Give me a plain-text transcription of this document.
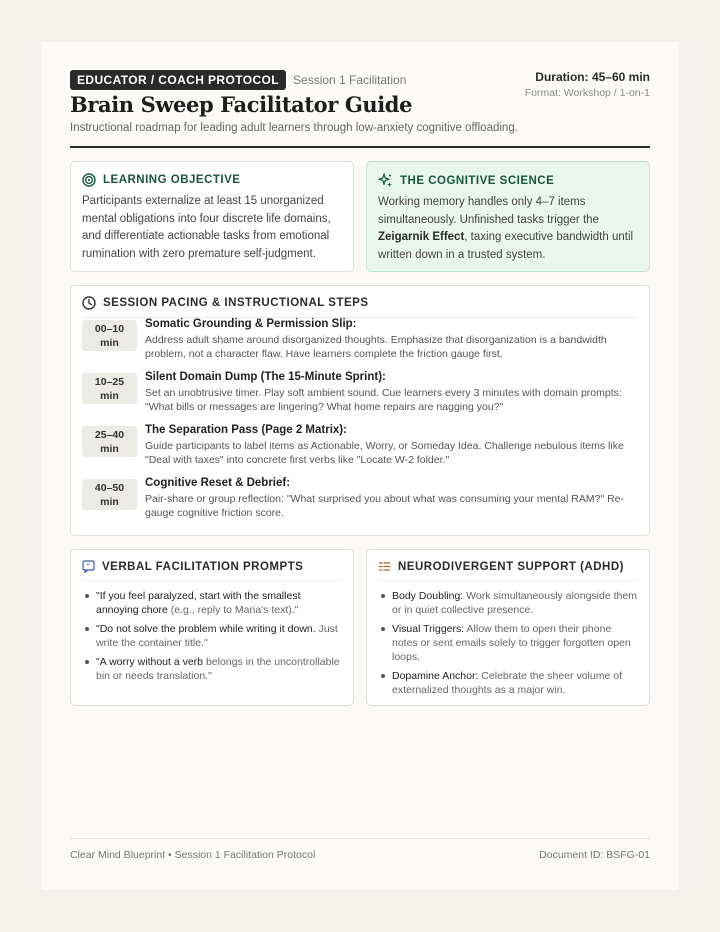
EDUCATOR / COACH PROTOCOL Session 1 Facilitation
Brain Sweep Facilitator Guide
Instructional roadmap for leading adult learners through low-anxiety cognitive offloading.
Duration: 45–60 min
Format: Workshop / 1-on-1
LEARNING OBJECTIVE
Participants externalize at least 15 unorganized mental obligations into four discrete life domains, and differentiate actionable tasks from emotional rumination with zero premature self-judgment.
THE COGNITIVE SCIENCE
Working memory handles only 4–7 items simultaneously. Unfinished tasks trigger the Zeigarnik Effect, taxing executive bandwidth until written down in a trusted system.
SESSION PACING & INSTRUCTIONAL STEPS
00–10
min
Somatic Grounding & Permission Slip:
Address adult shame around disorganized thoughts. Emphasize that disorganization is a bandwidth problem, not a character flaw. Have learners complete the friction gauge first.
10–25
min
Silent Domain Dump (The 15-Minute Sprint):
Set an unobtrusive timer. Play soft ambient sound. Cue learners every 3 minutes with domain prompts: "What bills or messages are lingering? What home repairs are nagging you?"
25–40
min
The Separation Pass (Page 2 Matrix):
Guide participants to label items as Actionable, Worry, or Someday Idea. Challenge nebulous items like "Deal with taxes" into concrete first verbs like "Locate W-2 folder."
40–50
min
Cognitive Reset & Debrief:
Pair-share or group reflection: "What surprised you about what was consuming your mental RAM?" Re-gauge cognitive friction score.
” VERBAL FACILITATION PROMPTS
"If you feel paralyzed, start with the smallest annoying chore (e.g., reply to Maria's text)."
"Do not solve the problem while writing it down. Just write the container title."
"A worry without a verb belongs in the uncontrollable bin or needs translation."
NEURODIVERGENT SUPPORT (ADHD)
Body Doubling: Work simultaneously alongside them or in quiet collective presence.
Visual Triggers: Allow them to open their phone notes or sent emails solely to trigger forgotten open loops.
Dopamine Anchor: Celebrate the sheer volume of externalized thoughts as a major win.
Clear Mind Blueprint • Session 1 Facilitation Protocol	Document ID: BSFG-01
